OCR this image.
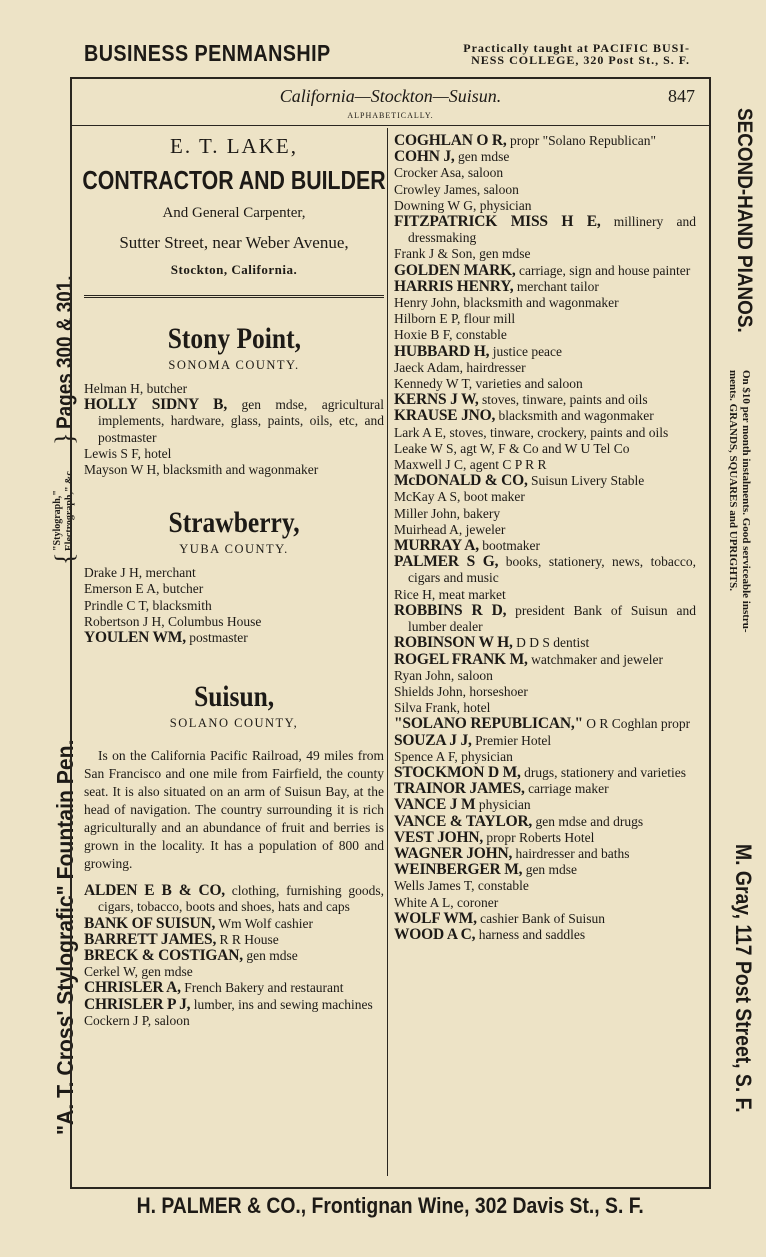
BUSINESS PENMANSHIP	Practically taught at PACIFIC BUSI-
NESS COLLEGE, 320 Post St., S. F.
"A. T. Cross' Stylografic" Fountain Pen.
{
"Stylograph," Electrograph," &c.
}
Pages 300 & 301.
SECOND-HAND PIANOS.
On $10 per month instalments. Good serviceable instru-
ments. GRANDS, SQUARES and UPRIGHTS.
M. Gray, 117 Post Street, S. F.
California—Stockton—Suisun.	847
ALPHABETICALLY.
E. T. LAKE,
CONTRACTOR AND BUILDER
And General Carpenter,
Sutter Street, near Weber Avenue,
Stockton, California.
Stony Point,
SONOMA COUNTY.
Helman H, butcher
HOLLY SIDNY B, gen mdse, agricultural implements, hardware, glass, paints, oils, etc, and postmaster
Lewis S F, hotel
Mayson W H, blacksmith and wagonmaker
Strawberry,
YUBA COUNTY.
Drake J H, merchant
Emerson E A, butcher
Prindle C T, blacksmith
Robertson J H, Columbus House
YOULEN WM, postmaster
Suisun,
SOLANO COUNTY,
Is on the California Pacific Railroad, 49 miles from San Francisco and one mile from Fairfield, the county seat. It is also situated on an arm of Suisun Bay, at the head of navigation. The country surrounding it is rich agriculturally and an abundance of fruit and berries is grown in the locality. It has a population of 800 and growing.
ALDEN E B & CO, clothing, furnishing goods, cigars, tobacco, boots and shoes, hats and caps
BANK OF SUISUN, Wm Wolf cashier
BARRETT JAMES, R R House
BRECK & COSTIGAN, gen mdse
Cerkel W, gen mdse
CHRISLER A, French Bakery and restaurant
CHRISLER P J, lumber, ins and sewing machines
Cockern J P, saloon
COGHLAN O R, propr "Solano Republican"
COHN J, gen mdse
Crocker Asa, saloon
Crowley James, saloon
Downing W G, physician
FITZPATRICK MISS H E, millinery and dressmaking
Frank J & Son, gen mdse
GOLDEN MARK, carriage, sign and house painter
HARRIS HENRY, merchant tailor
Henry John, blacksmith and wagonmaker
Hilborn E P, flour mill
Hoxie B F, constable
HUBBARD H, justice peace
Jaeck Adam, hairdresser
Kennedy W T, varieties and saloon
KERNS J W, stoves, tinware, paints and oils
KRAUSE JNO, blacksmith and wagonmaker
Lark A E, stoves, tinware, crockery, paints and oils
Leake W S, agt W, F & Co and W U Tel Co
Maxwell J C, agent C P R R
McDONALD & CO, Suisun Livery Stable
McKay A S, boot maker
Miller John, bakery
Muirhead A, jeweler
MURRAY A, bootmaker
PALMER S G, books, stationery, news, tobacco, cigars and music
Rice H, meat market
ROBBINS R D, president Bank of Suisun and lumber dealer
ROBINSON W H, D D S dentist
ROGEL FRANK M, watchmaker and jeweler
Ryan John, saloon
Shields John, horseshoer
Silva Frank, hotel
"SOLANO REPUBLICAN," O R Coghlan propr
SOUZA J J, Premier Hotel
Spence A F, physician
STOCKMON D M, drugs, stationery and varieties
TRAINOR JAMES, carriage maker
VANCE J M physician
VANCE & TAYLOR, gen mdse and drugs
VEST JOHN, propr Roberts Hotel
WAGNER JOHN, hairdresser and baths
WEINBERGER M, gen mdse
Wells James T, constable
White A L, coroner
WOLF WM, cashier Bank of Suisun
WOOD A C, harness and saddles
H. PALMER & CO., Frontignan Wine, 302 Davis St., S. F.
